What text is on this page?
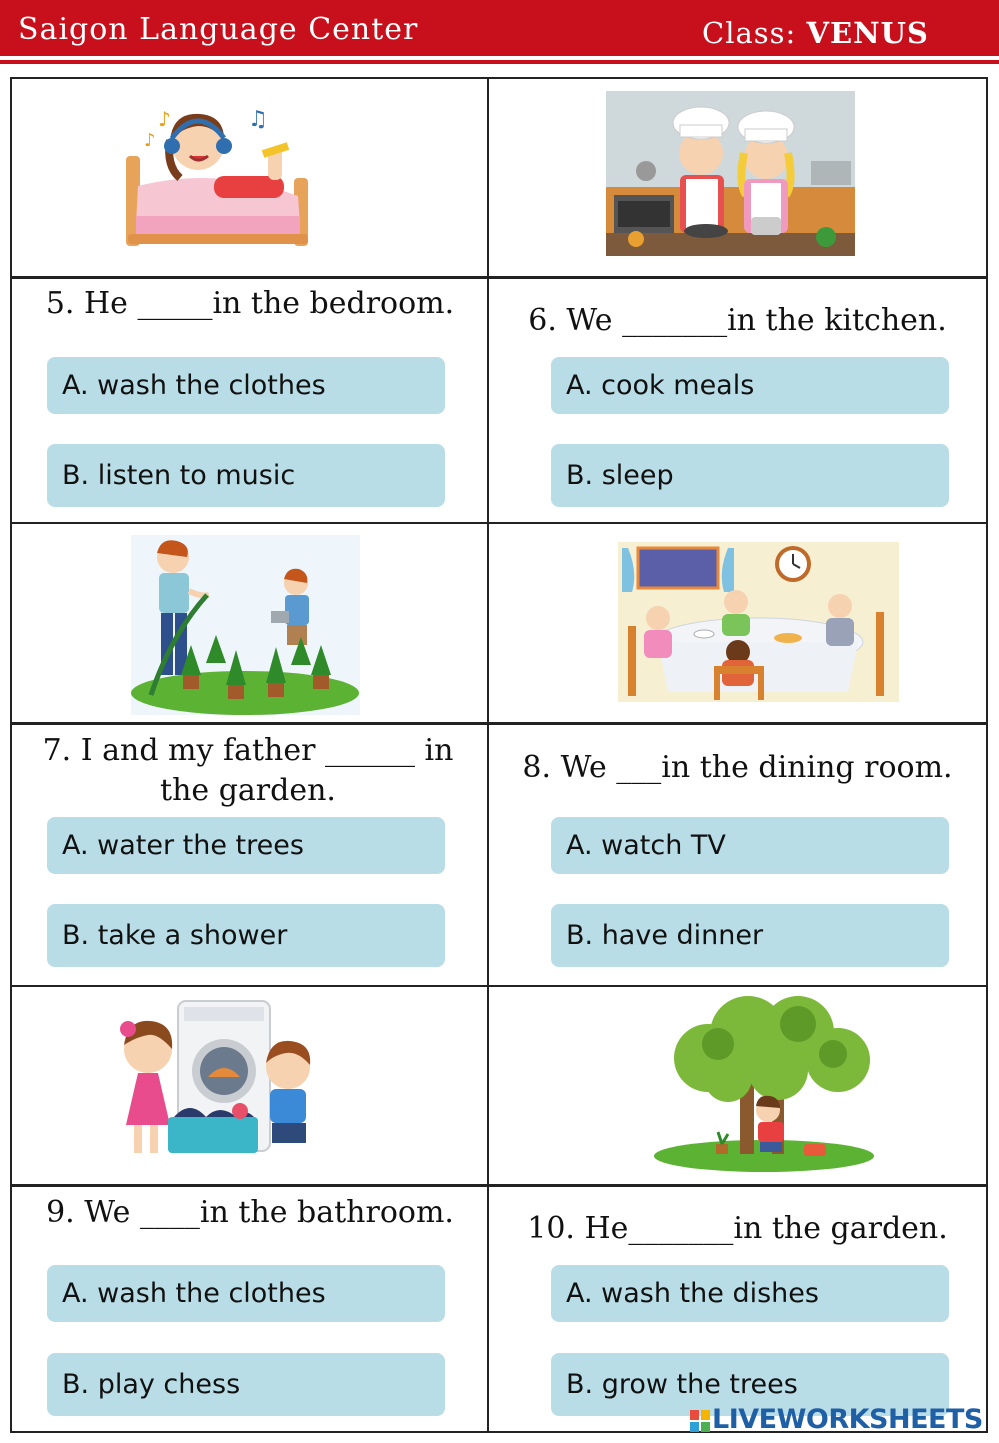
Saigon Language Center	Class: VENUS
♪	♫
♪
5. He _____in the bedroom.
A. wash the clothes
B. listen to music
6. We _______in the kitchen.
A. cook meals
B. sleep
7. I and my father ______ in the garden.
A. water the trees
B. take a shower
8. We ___in the dining room.
A. watch TV
B. have dinner
9. We ____in the bathroom.
A. wash the clothes
B. play chess
10. He_______in the garden.
A. wash the dishes
B. grow the trees
LIVEWORKSHEETS
